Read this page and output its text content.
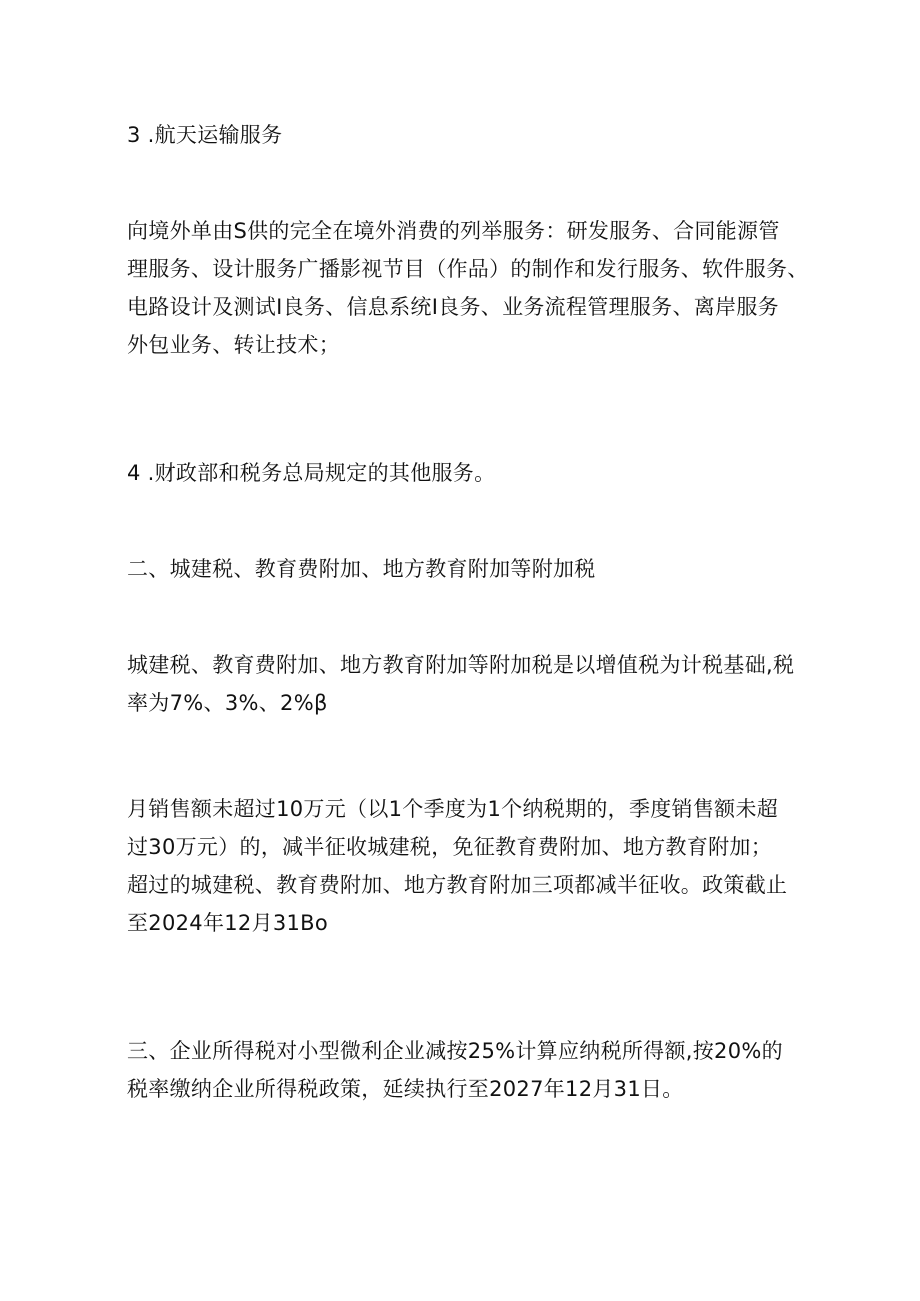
3 .航天运输服务

向境外单由S供的完全在境外消费的列举服务：研发服务、合同能源管
理服务、设计服务广播影视节目（作品）的制作和发行服务、软件服务、
电路设计及测试I良务、信息系统I良务、业务流程管理服务、离岸服务
外包业务、转让技术；

4 .财政部和税务总局规定的其他服务。

二、城建税、教育费附加、地方教育附加等附加税

城建税、教育费附加、地方教育附加等附加税是以增值税为计税基础,税
率为7%、3%、2%β

月销售额未超过10万元（以1个季度为1个纳税期的，季度销售额未超
过30万元）的，减半征收城建税，免征教育费附加、地方教育附加；
超过的城建税、教育费附加、地方教育附加三项都减半征收。政策截止
至2024年12月31Bo

三、企业所得税对小型微利企业减按25%计算应纳税所得额,按20%的
税率缴纳企业所得税政策，延续执行至2027年12月31日。
